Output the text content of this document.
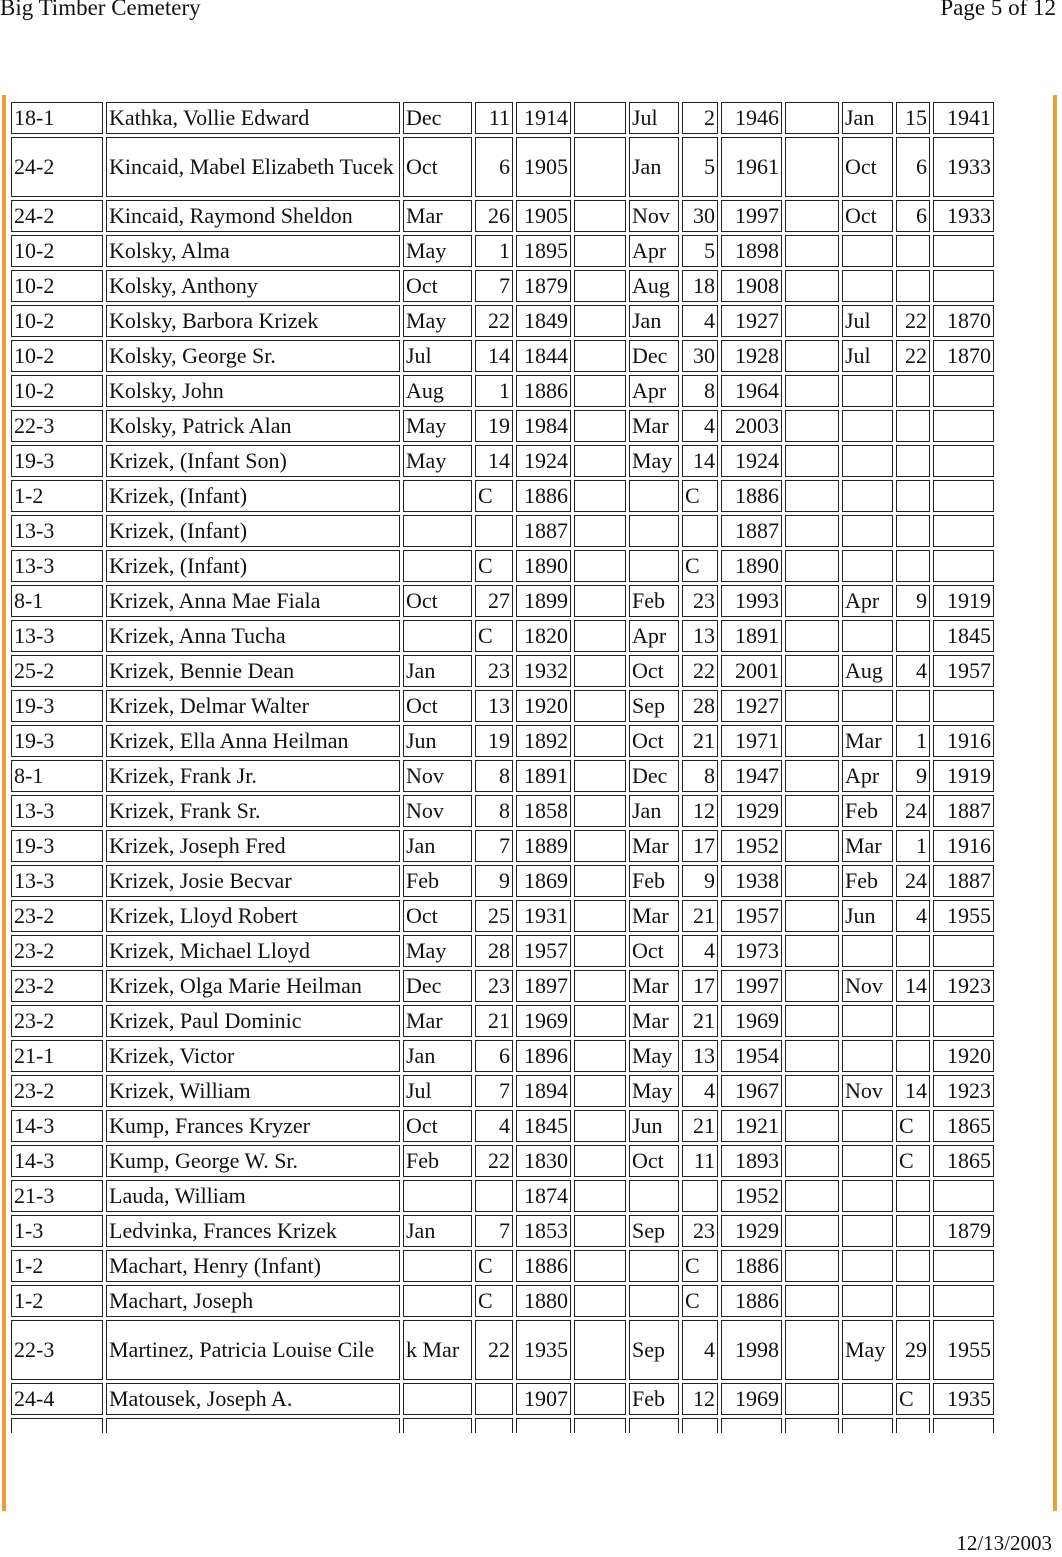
Big Timber Cemetery	Page 5 of 12
18-1	Kathka, Vollie Edward	Dec	11	1914		Jul	2	1946		Jan	15	1941
24-2	Kincaid, Mabel Elizabeth Tucek	Oct	6	1905		Jan	5	1961		Oct	6	1933
24-2	Kincaid, Raymond Sheldon	Mar	26	1905		Nov	30	1997		Oct	6	1933
10-2	Kolsky, Alma	May	1	1895		Apr	5	1898				
10-2	Kolsky, Anthony	Oct	7	1879		Aug	18	1908				
10-2	Kolsky, Barbora Krizek	May	22	1849		Jan	4	1927		Jul	22	1870
10-2	Kolsky, George Sr.	Jul	14	1844		Dec	30	1928		Jul	22	1870
10-2	Kolsky, John	Aug	1	1886		Apr	8	1964				
22-3	Kolsky, Patrick Alan	May	19	1984		Mar	4	2003				
19-3	Krizek, (Infant Son)	May	14	1924		May	14	1924				
1-2	Krizek, (Infant)		C	1886			C	1886				
13-3	Krizek, (Infant)			1887				1887				
13-3	Krizek, (Infant)		C	1890			C	1890				
8-1	Krizek, Anna Mae Fiala	Oct	27	1899		Feb	23	1993		Apr	9	1919
13-3	Krizek, Anna Tucha		C	1820		Apr	13	1891				1845
25-2	Krizek, Bennie Dean	Jan	23	1932		Oct	22	2001		Aug	4	1957
19-3	Krizek, Delmar Walter	Oct	13	1920		Sep	28	1927				
19-3	Krizek, Ella Anna Heilman	Jun	19	1892		Oct	21	1971		Mar	1	1916
8-1	Krizek, Frank Jr.	Nov	8	1891		Dec	8	1947		Apr	9	1919
13-3	Krizek, Frank Sr.	Nov	8	1858		Jan	12	1929		Feb	24	1887
19-3	Krizek, Joseph Fred	Jan	7	1889		Mar	17	1952		Mar	1	1916
13-3	Krizek, Josie Becvar	Feb	9	1869		Feb	9	1938		Feb	24	1887
23-2	Krizek, Lloyd Robert	Oct	25	1931		Mar	21	1957		Jun	4	1955
23-2	Krizek, Michael Lloyd	May	28	1957		Oct	4	1973				
23-2	Krizek, Olga Marie Heilman	Dec	23	1897		Mar	17	1997		Nov	14	1923
23-2	Krizek, Paul Dominic	Mar	21	1969		Mar	21	1969				
21-1	Krizek, Victor	Jan	6	1896		May	13	1954				1920
23-2	Krizek, William	Jul	7	1894		May	4	1967		Nov	14	1923
14-3	Kump, Frances Kryzer	Oct	4	1845		Jun	21	1921			C	1865
14-3	Kump, George W. Sr.	Feb	22	1830		Oct	11	1893			C	1865
21-3	Lauda, William			1874				1952				
1-3	Ledvinka, Frances Krizek	Jan	7	1853		Sep	23	1929				1879
1-2	Machart, Henry (Infant)		C	1886			C	1886				
1-2	Machart, Joseph		C	1880			C	1886				
22-3	Martinez, Patricia Louise Cile	k Mar	22	1935		Sep	4	1998		May	29	1955
24-4	Matousek, Joseph A.			1907		Feb	12	1969			C	1935

12/13/2003
